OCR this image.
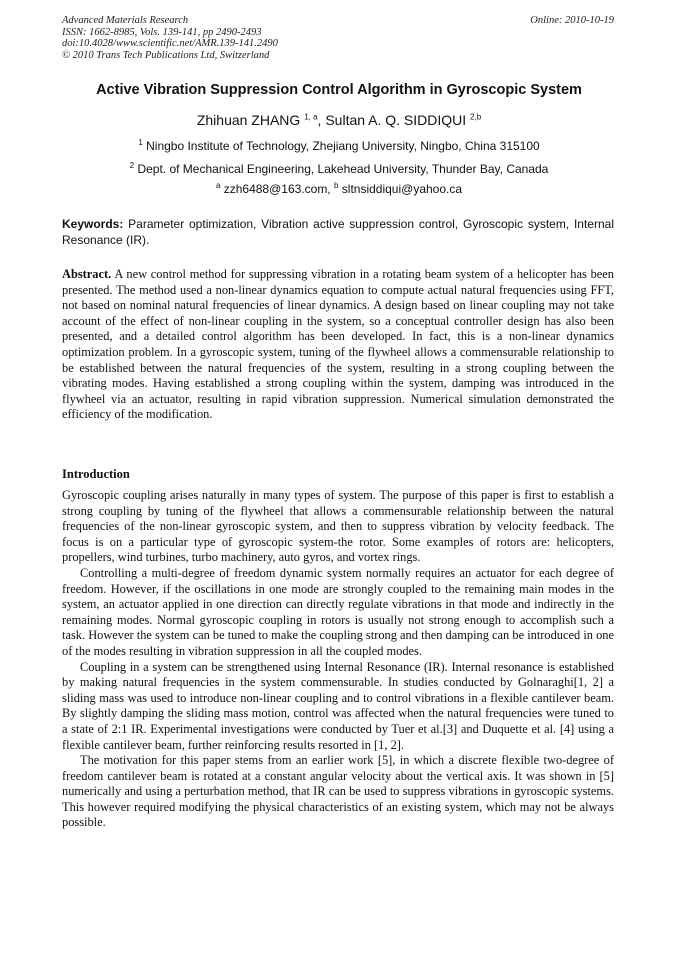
Advanced Materials Research
ISSN: 1662-8985, Vols. 139-141, pp 2490-2493
doi:10.4028/www.scientific.net/AMR.139-141.2490
© 2010 Trans Tech Publications Ltd, Switzerland
Online: 2010-10-19
Active Vibration Suppression Control Algorithm in Gyroscopic System
Zhihuan ZHANG $^{1, a}$, Sultan A. Q. SIDDIQUI $^{2,b}$
$^1$ Ningbo Institute of Technology, Zhejiang University, Ningbo, China 315100
$^2$ Dept. of Mechanical Engineering, Lakehead University, Thunder Bay, Canada
$^a$ zzh6488@163.com, $^b$ sltnsiddiqui@yahoo.ca
Keywords: Parameter optimization, Vibration active suppression control, Gyroscopic system, Internal Resonance (IR).
Abstract. A new control method for suppressing vibration in a rotating beam system of a helicopter has been presented. The method used a non-linear dynamics equation to compute actual natural frequencies using FFT, not based on nominal natural frequencies of linear dynamics. A design based on linear coupling may not take account of the effect of non-linear coupling in the system, so a conceptual controller design has also been presented, and a detailed control algorithm has been developed. In fact, this is a non-linear dynamics optimization problem. In a gyroscopic system, tuning of the flywheel allows a commensurable relationship to be established between the natural frequencies of the system, resulting in a strong coupling between the vibrating modes. Having established a strong coupling within the system, damping was introduced in the flywheel via an actuator, resulting in rapid vibration suppression. Numerical simulation demonstrated the efficiency of the modification.
Introduction

Gyroscopic coupling arises naturally in many types of system. The purpose of this paper is first to establish a strong coupling by tuning of the flywheel that allows a commensurable relationship between the natural frequencies of the non-linear gyroscopic system, and then to suppress vibration by velocity feedback. The focus is on a particular type of gyroscopic system-the rotor. Some examples of rotors are: helicopters, propellers, wind turbines, turbo machinery, auto gyros, and vortex rings.

Controlling a multi-degree of freedom dynamic system normally requires an actuator for each degree of freedom. However, if the oscillations in one mode are strongly coupled to the remaining main modes in the system, an actuator applied in one direction can directly regulate vibrations in that mode and indirectly in the remaining modes. Normal gyroscopic coupling in rotors is usually not strong enough to accomplish such a task. However the system can be tuned to make the coupling strong and then damping can be introduced in one of the modes resulting in vibration suppression in all the coupled modes.

Coupling in a system can be strengthened using Internal Resonance (IR). Internal resonance is established by making natural frequencies in the system commensurable. In studies conducted by Golnaraghi[1, 2] a sliding mass was used to introduce non-linear coupling and to control vibrations in a flexible cantilever beam. By slightly damping the sliding mass motion, control was affected when the natural frequencies were tuned to a state of 2:1 IR. Experimental investigations were conducted by Tuer et al.[3] and Duquette et al. [4] using a flexible cantilever beam, further reinforcing results resorted in [1, 2].

The motivation for this paper stems from an earlier work [5], in which a discrete flexible two-degree of freedom cantilever beam is rotated at a constant angular velocity about the vertical axis. It was shown in [5] numerically and using a perturbation method, that IR can be used to suppress vibrations in gyroscopic systems. This however required modifying the physical characteristics of an existing system, which may not be always possible.
